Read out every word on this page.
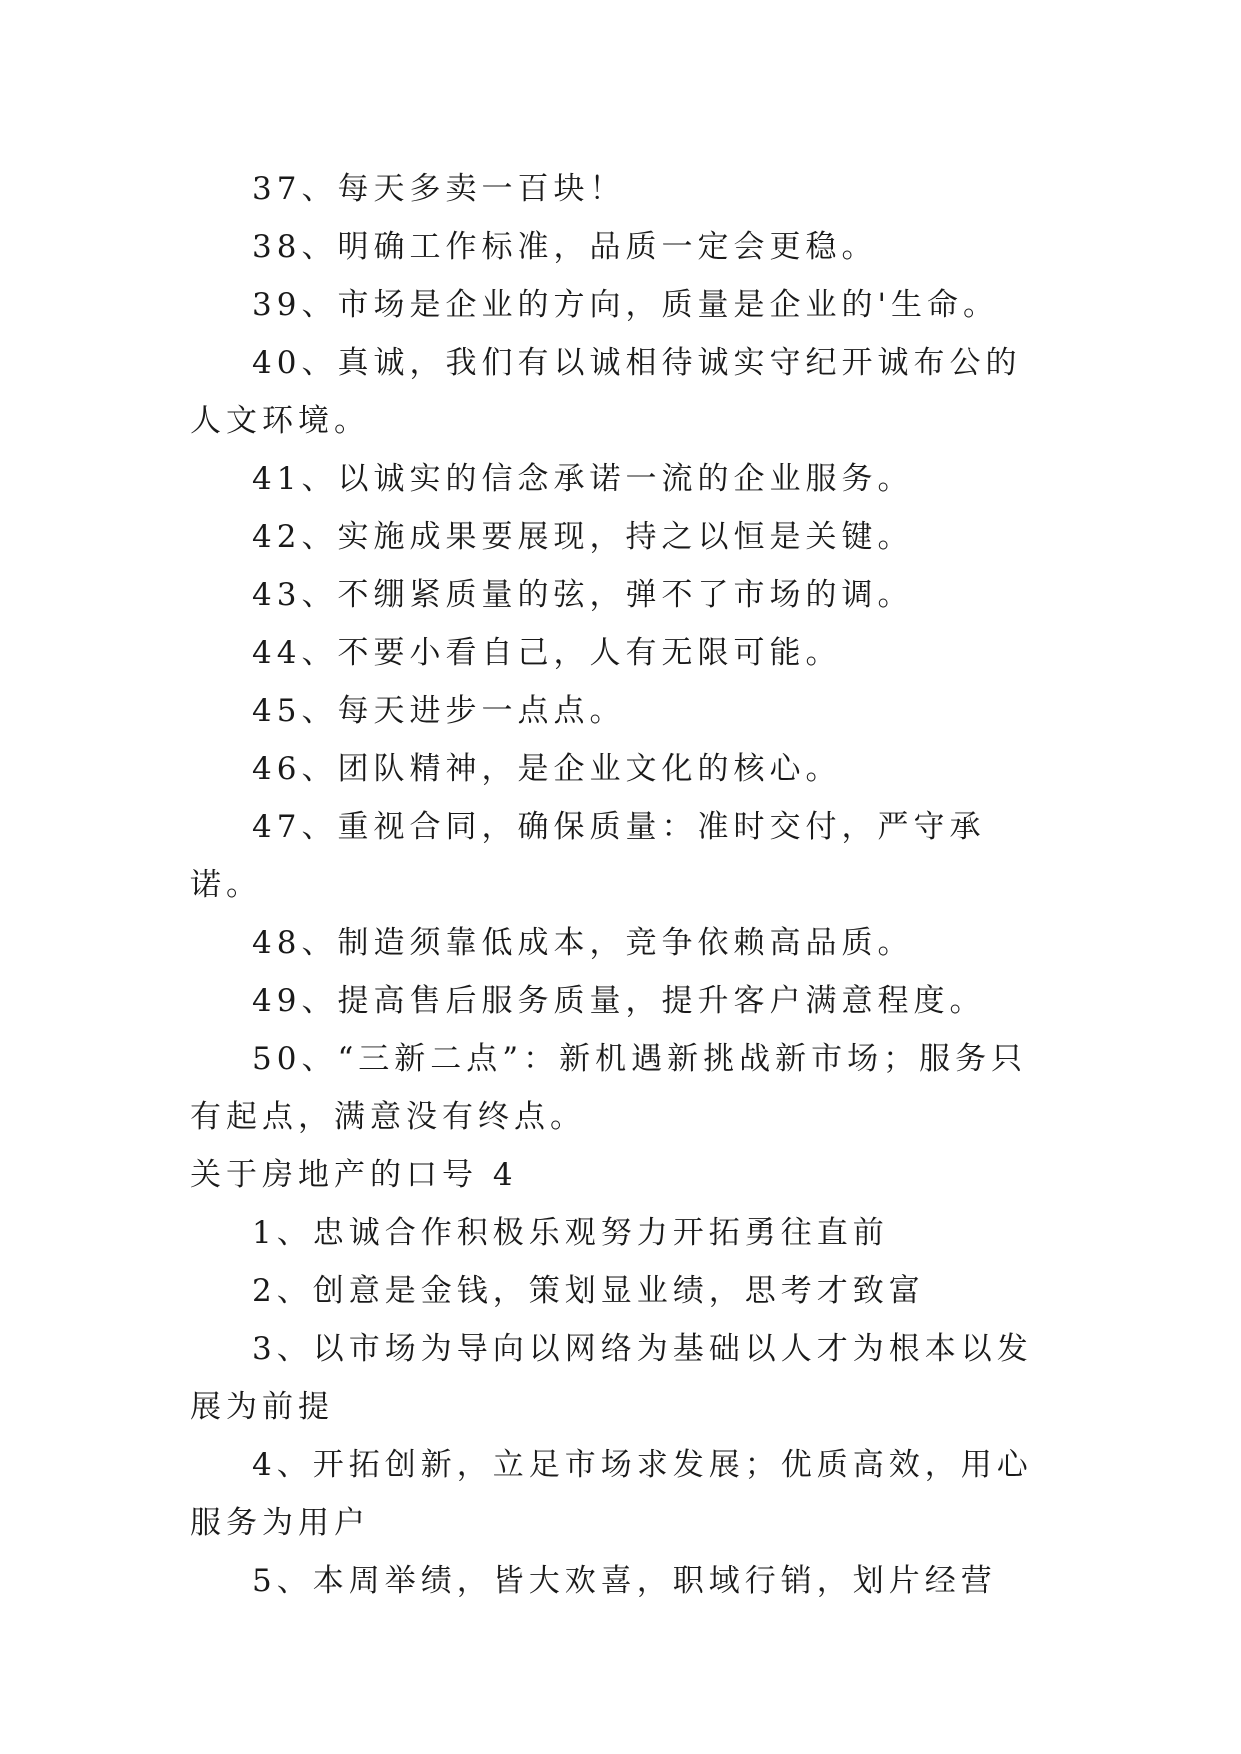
37、每天多卖一百块！

38、明确工作标准，品质一定会更稳。

39、市场是企业的方向，质量是企业的'生命。

40、真诚，我们有以诚相待诚实守纪开诚布公的人文环境。

41、以诚实的信念承诺一流的企业服务。

42、实施成果要展现，持之以恒是关键。

43、不绷紧质量的弦，弹不了市场的调。

44、不要小看自己，人有无限可能。

45、每天进步一点点。

46、团队精神，是企业文化的核心。

47、重视合同，确保质量：准时交付，严守承诺。

48、制造须靠低成本，竞争依赖高品质。

49、提高售后服务质量，提升客户满意程度。

50、“三新二点”：新机遇新挑战新市场；服务只有起点，满意没有终点。

关于房地产的口号 4

1、忠诚合作积极乐观努力开拓勇往直前

2、创意是金钱，策划显业绩，思考才致富

3、以市场为导向以网络为基础以人才为根本以发展为前提

4、开拓创新，立足市场求发展；优质高效，用心服务为用户

5、本周举绩，皆大欢喜，职域行销，划片经营
